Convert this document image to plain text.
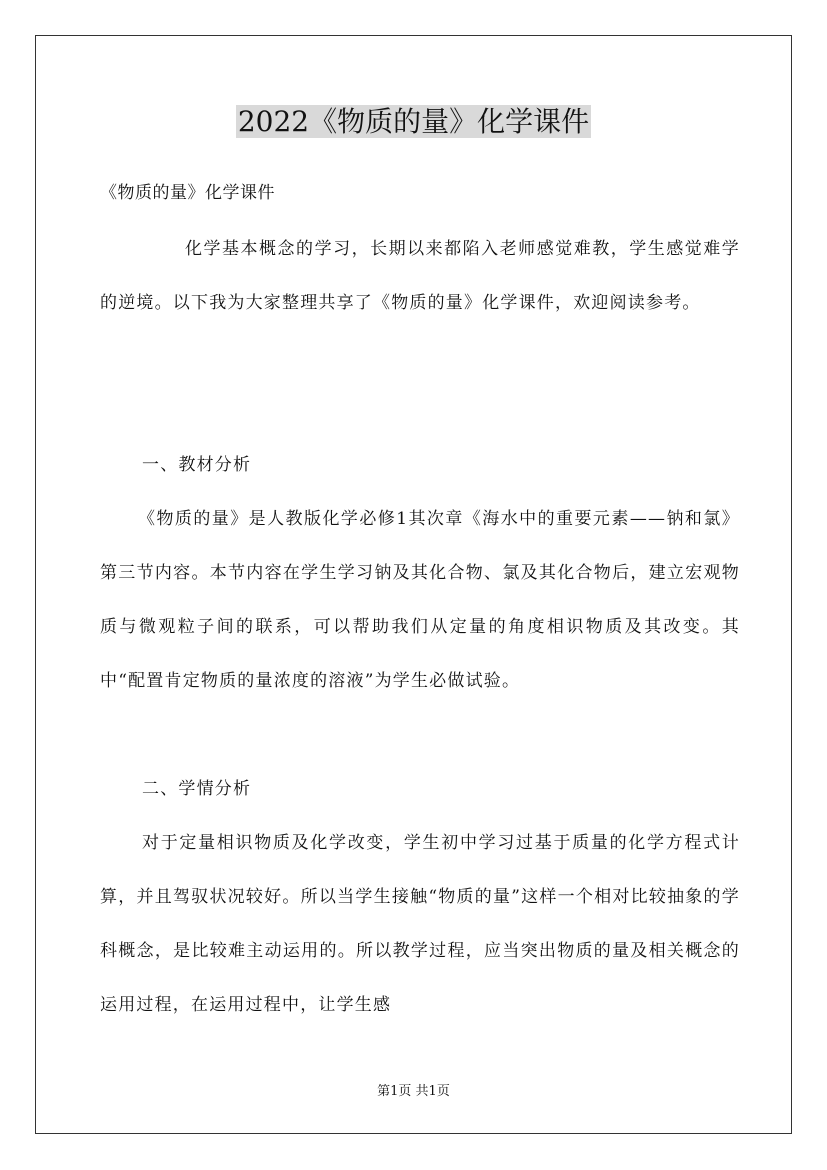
2022《物质的量》化学课件
《物质的量》化学课件

化学基本概念的学习，长期以来都陷入老师感觉难教，学生感觉难学的逆境。以下我为大家整理共享了《物质的量》化学课件，欢迎阅读参考。

一、教材分析

《物质的量》是人教版化学必修1其次章《海水中的重要元素——钠和氯》第三节内容。本节内容在学生学习钠及其化合物、氯及其化合物后，建立宏观物质与微观粒子间的联系，可以帮助我们从定量的角度相识物质及其改变。其中“配置肯定物质的量浓度的溶液”为学生必做试验。

二、学情分析

对于定量相识物质及化学改变，学生初中学习过基于质量的化学方程式计算，并且驾驭状况较好。所以当学生接触“物质的量”这样一个相对比较抽象的学科概念，是比较难主动运用的。所以教学过程，应当突出物质的量及相关概念的运用过程，在运用过程中，让学生感

第1页 共1页
